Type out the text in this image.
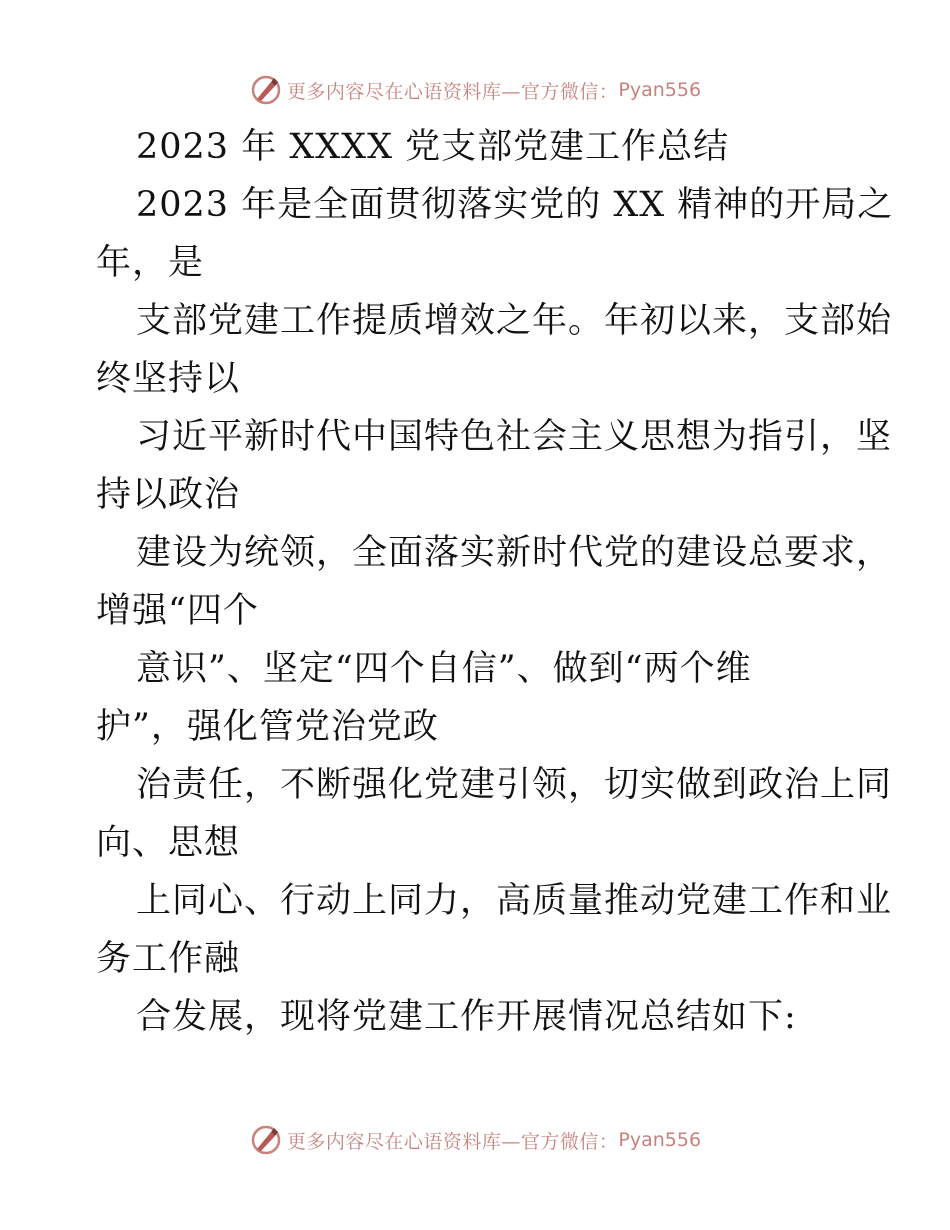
更多内容尽在心语资料库—官方微信： Pyan556
2023 年 XXXX 党支部党建工作总结
2023 年是全面贯彻落实党的 XX 精神的开局之
年，是
支部党建工作提质增效之年。年初以来，支部始
终坚持以
习近平新时代中国特色社会主义思想为指引，坚
持以政治
建设为统领，全面落实新时代党的建设总要求，
增强“四个
意识”、坚定“四个自信”、做到“两个维
护”，强化管党治党政
治责任，不断强化党建引领，切实做到政治上同
向、思想
上同心、行动上同力，高质量推动党建工作和业
务工作融
合发展，现将党建工作开展情况总结如下:
更多内容尽在心语资料库—官方微信： Pyan556
